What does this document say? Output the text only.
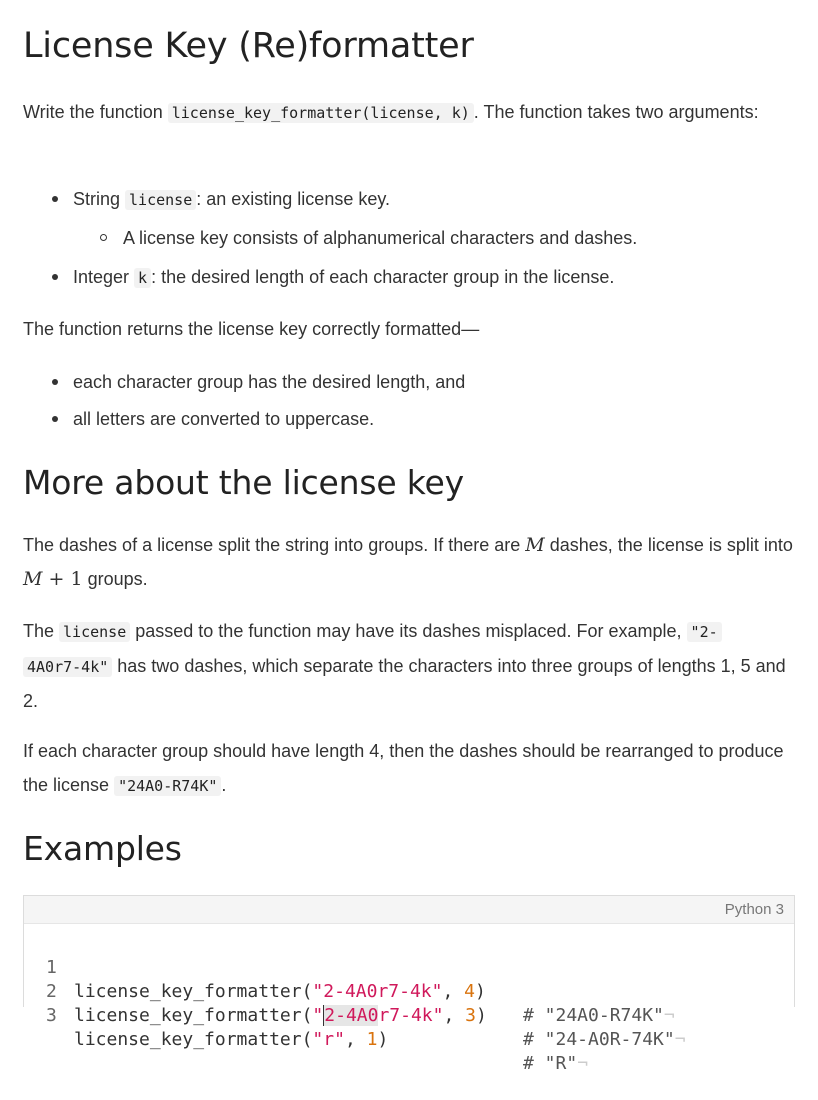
License Key (Re)formatter
Write the function license_key_formatter(license, k) . The function takes two arguments:
String license : an existing license key.
A license key consists of alphanumerical characters and dashes.
Integer k : the desired length of each character group in the license.
The function returns the license key correctly formatted—
each character group has the desired length, and
all letters are converted to uppercase.
More about the license key
The dashes of a license split the string into groups. If there are M dashes, the license is split into M + 1 groups.
The license passed to the function may have its dashes misplaced. For example, "2-
4A0r7-4k" has two dashes, which separate the characters into three groups of lengths 1, 5 and 2.
If each character group should have length 4, then the dashes should be rearranged to produce the license "24A0-R74K" .
Examples
Python 3

1

license_key_formatter("2-4A0r7-4k", 4)

# "24A0-R74K"¬

2

license_key_formatter("2-4A0r7-4k", 3)

# "24-A0R-74K"¬

3

license_key_formatter("r", 1)

# "R"¬
